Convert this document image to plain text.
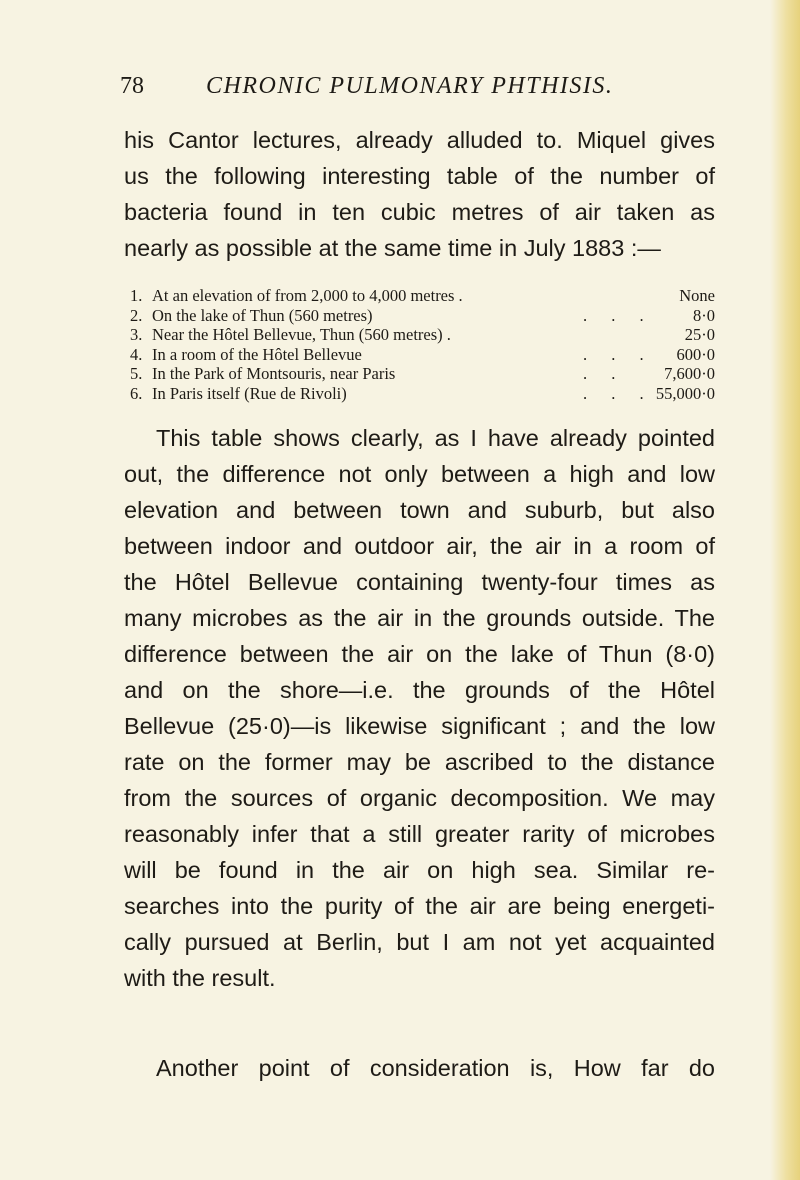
78	CHRONIC PULMONARY PHTHISIS.

his Cantor lectures, already alluded to. Miquel gives
us the following interesting table of the number of
bacteria found in ten cubic metres of air taken as
nearly as possible at the same time in July 1883 :—

1. At an elevation of from 2,000 to 4,000 metres .	None
2. On the lake of Thun (560 metres)	. . .	8·0
3. Near the Hôtel Bellevue, Thun (560 metres) .	25·0
4. In a room of the Hôtel Bellevue	. . .	600·0
5. In the Park of Montsouris, near Paris	. .	7,600·0
6. In Paris itself (Rue de Rivoli)	. . . 55,000·0

This table shows clearly, as I have already pointed
out, the difference not only between a high and low
elevation and between town and suburb, but also
between indoor and outdoor air, the air in a room of
the Hôtel Bellevue containing twenty-four times as
many microbes as the air in the grounds outside. The
difference between the air on the lake of Thun (8·0)
and on the shore—i.e. the grounds of the Hôtel
Bellevue (25·0)—is likewise significant ; and the low
rate on the former may be ascribed to the distance
from the sources of organic decomposition. We may
reasonably infer that a still greater rarity of microbes
will be found in the air on high sea. Similar re-
searches into the purity of the air are being energeti-
cally pursued at Berlin, but I am not yet acquainted
with the result.

Another point of consideration is, How far do
